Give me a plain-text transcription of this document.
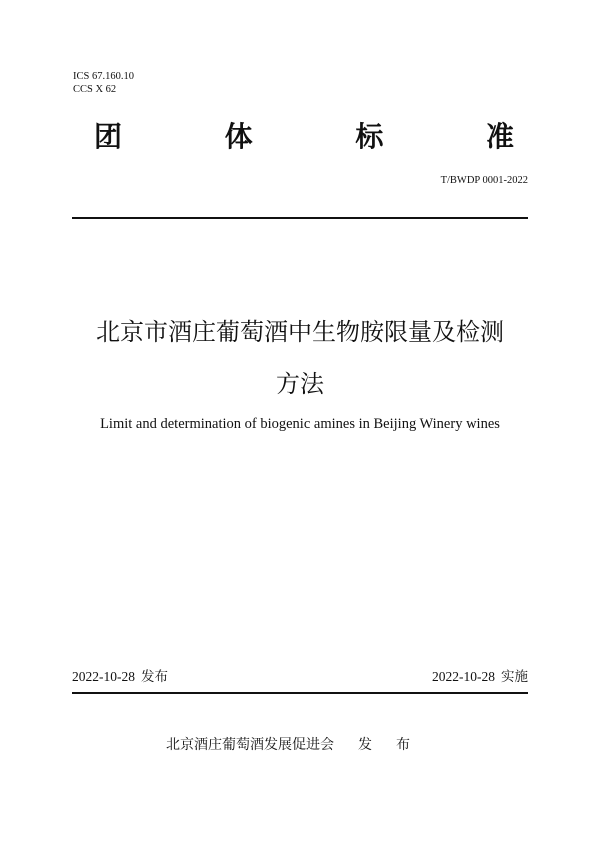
ICS 67.160.10
CCS X 62
团	体	标	准
T/BWDP 0001-2022
北京市酒庄葡萄酒中生物胺限量及检测
方法
Limit and determination of biogenic amines in Beijing Winery wines
2022-10-28 发布	2022-10-28 实施
北京酒庄葡萄酒发展促进会 发布
